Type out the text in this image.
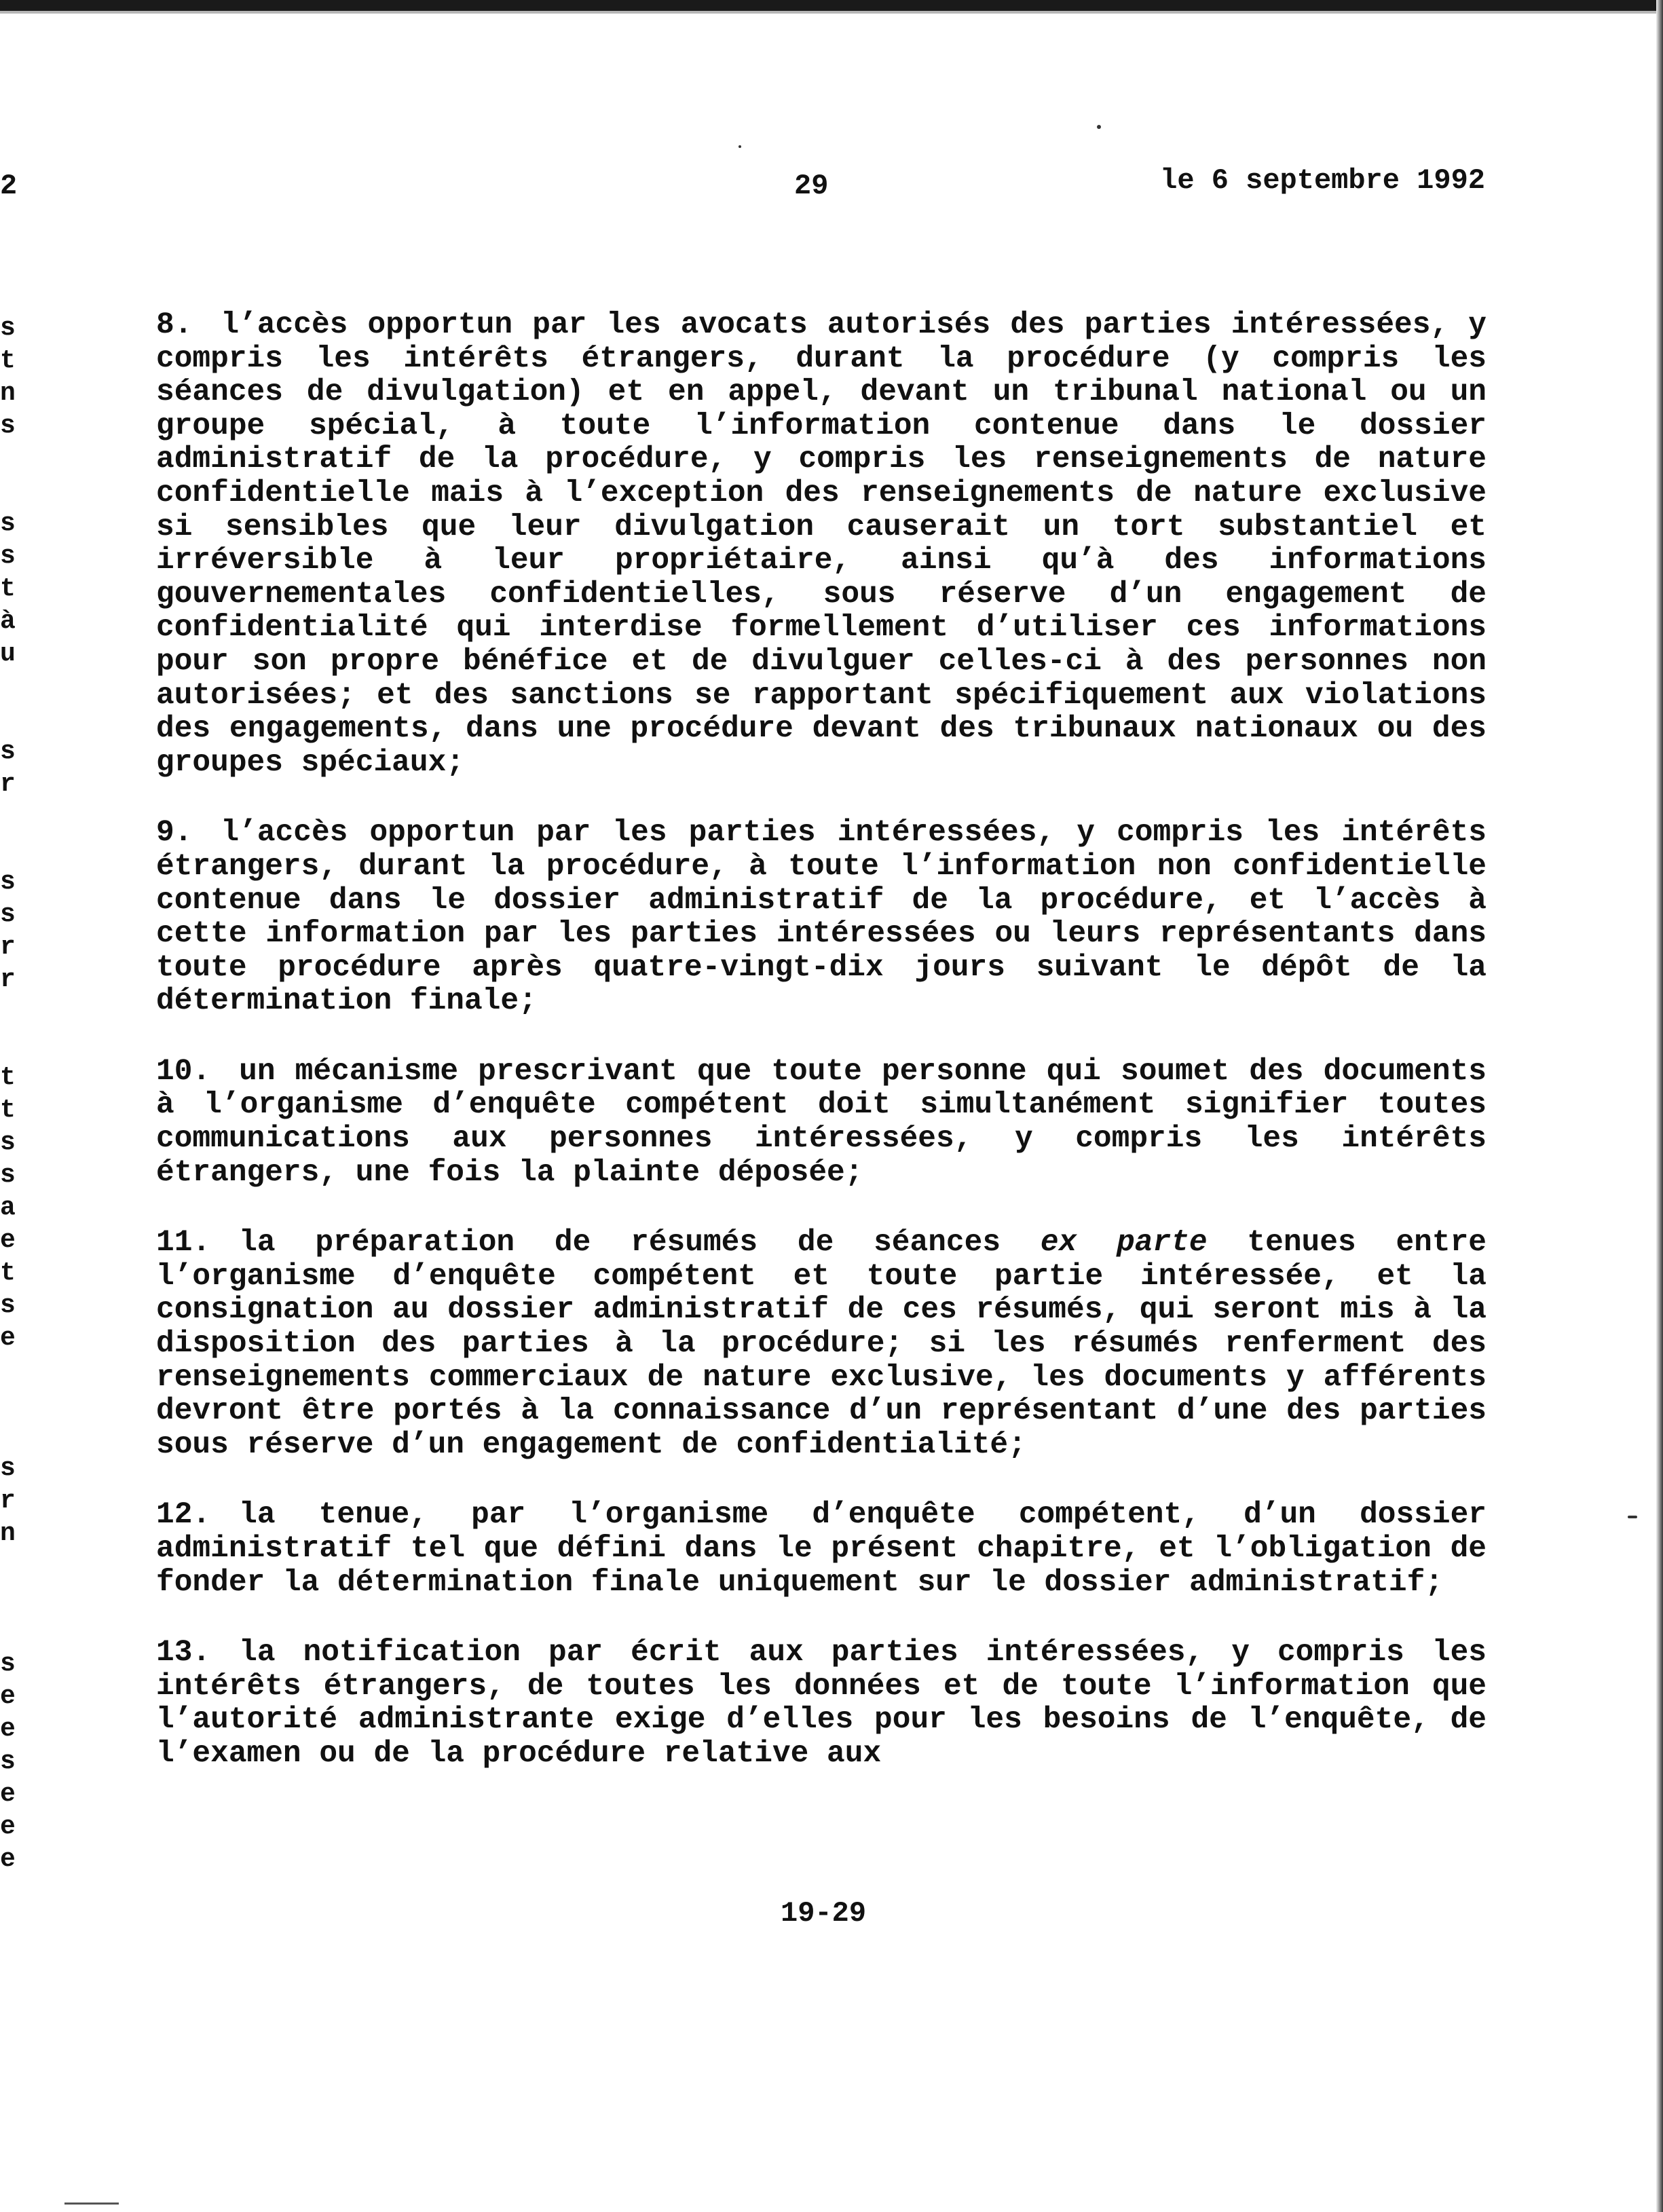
2	29	le 6 septembre 1992
s
t
n
s

s
s
t
à
u

s
r

s
s
r
r

t
t
s
s
a
e
t
s
e

s
r
n

s
e
e
s
e
e
e

8. l’accès opportun par les avocats autorisés des parties intéressées, y compris les intérêts étrangers, durant la procédure (y compris les séances de divulgation) et en appel, devant un tribunal national ou un groupe spécial, à toute l’information contenue dans le dossier administratif de la procédure, y compris les renseignements de nature confidentielle mais à l’exception des renseignements de nature exclusive si sensibles que leur divulgation causerait un tort substantiel et irréversible à leur propriétaire, ainsi qu’à des informations gouvernementales confidentielles, sous réserve d’un engagement de confidentialité qui interdise formellement d’utiliser ces informations pour son propre bénéfice et de divulguer celles-ci à des personnes non autorisées; et des sanctions se rapportant spécifiquement aux violations des engagements, dans une procédure devant des tribunaux nationaux ou des groupes spéciaux;

9. l’accès opportun par les parties intéressées, y compris les intérêts étrangers, durant la procédure, à toute l’information non confidentielle contenue dans le dossier administratif de la procédure, et l’accès à cette information par les parties intéressées ou leurs représentants dans toute procédure après quatre-vingt-dix jours suivant le dépôt de la détermination finale;

10. un mécanisme prescrivant que toute personne qui soumet des documents à l’organisme d’enquête compétent doit simultanément signifier toutes communications aux personnes intéressées, y compris les intérêts étrangers, une fois la plainte déposée;

11. la préparation de résumés de séances ex parte tenues entre l’organisme d’enquête compétent et toute partie intéressée, et la consignation au dossier administratif de ces résumés, qui seront mis à la disposition des parties à la procédure; si les résumés renferment des renseignements commerciaux de nature exclusive, les documents y afférents devront être portés à la connaissance d’un représentant d’une des parties sous réserve d’un engagement de confidentialité;

12. la tenue, par l’organisme d’enquête compétent, d’un dossier administratif tel que défini dans le présent chapitre, et l’obligation de fonder la détermination finale uniquement sur le dossier administratif;

13. la notification par écrit aux parties intéressées, y compris les intérêts étrangers, de toutes les données et de toute l’information que l’autorité administrante exige d’elles pour les besoins de l’enquête, de l’examen ou de la procédure relative aux

19-29
